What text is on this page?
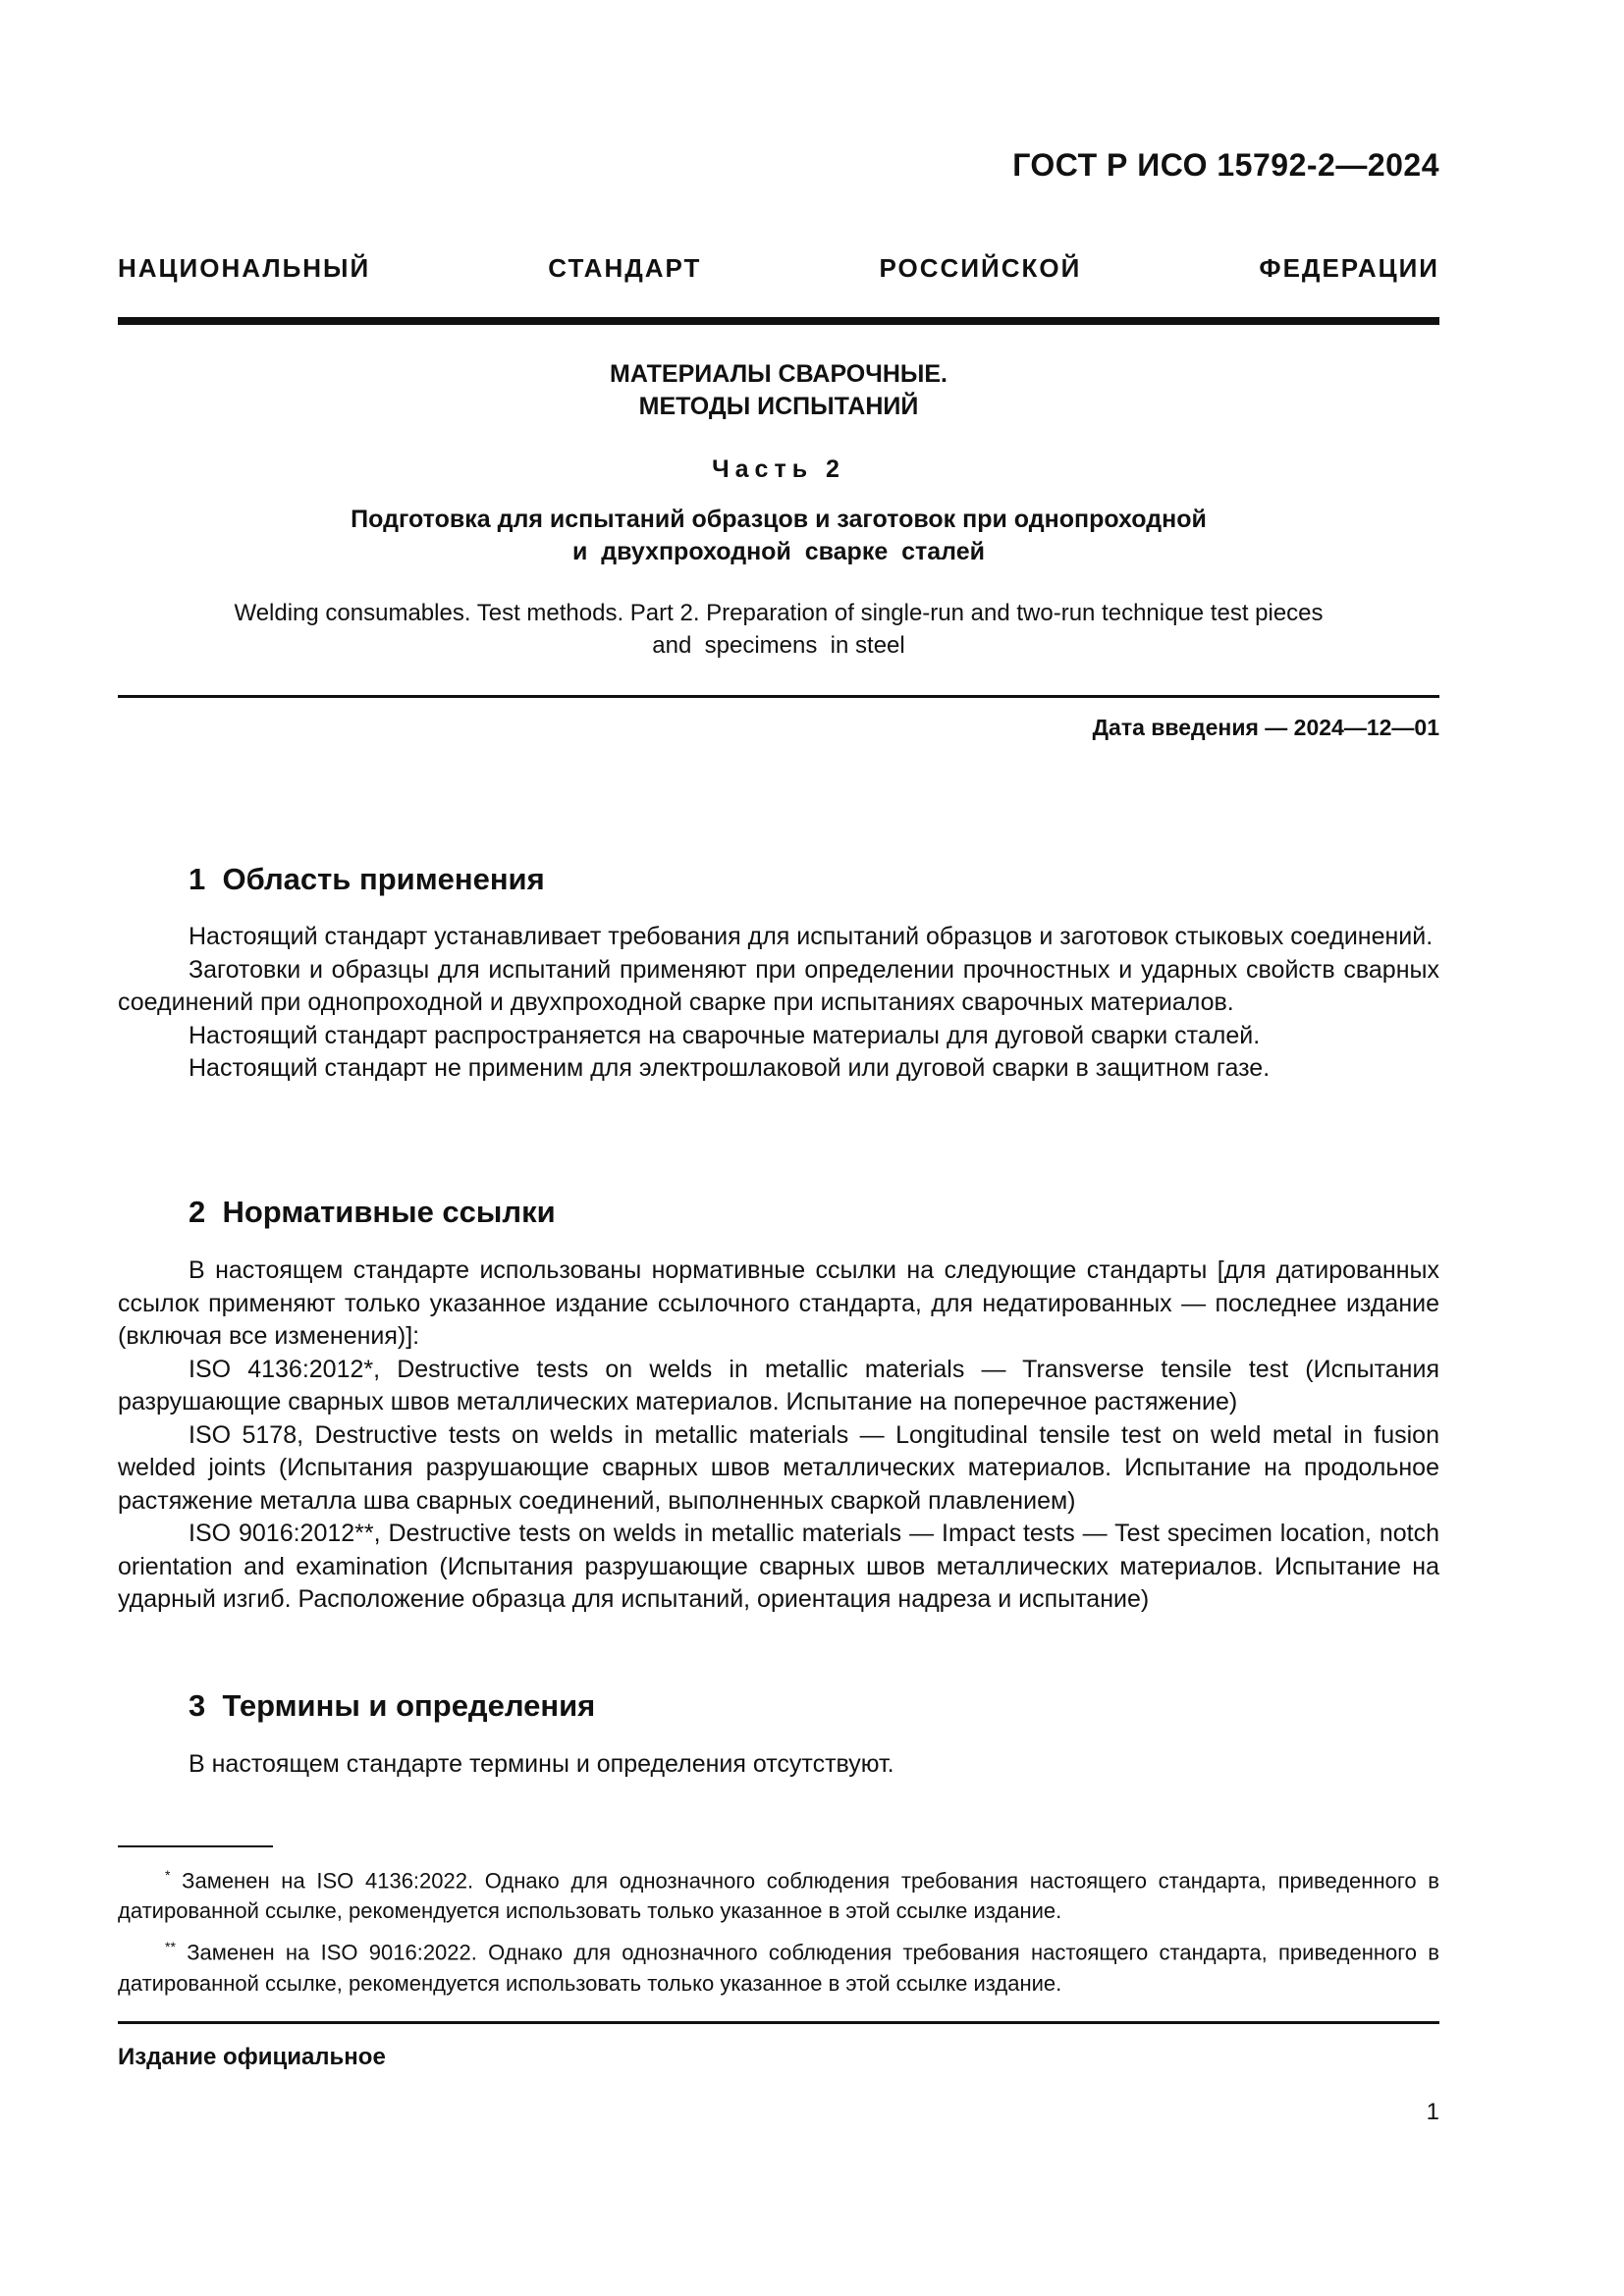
ГОСТ Р ИСО 15792-2—2024
НАЦИОНАЛЬНЫЙ СТАНДАРТ РОССИЙСКОЙ ФЕДЕРАЦИИ
МАТЕРИАЛЫ СВАРОЧНЫЕ.
МЕТОДЫ ИСПЫТАНИЙ
Часть 2
Подготовка для испытаний образцов и заготовок при однопроходной
и  двухпроходной  сварке  сталей
Welding consumables. Test methods. Part 2. Preparation of single-run and two-run technique test pieces
and  specimens  in steel
Дата введения — 2024—12—01
1  Область применения

Настоящий стандарт устанавливает требования для испытаний образцов и заготовок стыковых соединений.

Заготовки и образцы для испытаний применяют при определении прочностных и ударных свойств сварных соединений при однопроходной и двухпроходной сварке при испытаниях сварочных материалов.

Настоящий стандарт распространяется на сварочные материалы для дуговой сварки сталей.

Настоящий стандарт не применим для электрошлаковой или дуговой сварки в защитном газе.

2  Нормативные ссылки

В настоящем стандарте использованы нормативные ссылки на следующие стандарты [для датированных ссылок применяют только указанное издание ссылочного стандарта, для недатированных — последнее издание (включая все изменения)]:

ISO 4136:2012*, Destructive tests on welds in metallic materials — Transverse tensile test (Испытания разрушающие сварных швов металлических материалов. Испытание на поперечное растяжение)

ISO 5178, Destructive tests on welds in metallic materials — Longitudinal tensile test on weld metal in fusion welded joints (Испытания разрушающие сварных швов металлических материалов. Испытание на продольное растяжение металла шва сварных соединений, выполненных сваркой плавлением)

ISO 9016:2012**, Destructive tests on welds in metallic materials — Impact tests — Test specimen location, notch orientation and examination (Испытания разрушающие сварных швов металлических материалов. Испытание на ударный изгиб. Расположение образца для испытаний, ориентация надреза и испытание)

3  Термины и определения

В настоящем стандарте термины и определения отсутствуют.

* Заменен на ISO 4136:2022. Однако для однозначного соблюдения требования настоящего стандарта, приведенного в датированной ссылке, рекомендуется использовать только указанное в этой ссылке издание.

** Заменен на ISO 9016:2022. Однако для однозначного соблюдения требования настоящего стандарта, приведенного в датированной ссылке, рекомендуется использовать только указанное в этой ссылке издание.

Издание официальное
1
